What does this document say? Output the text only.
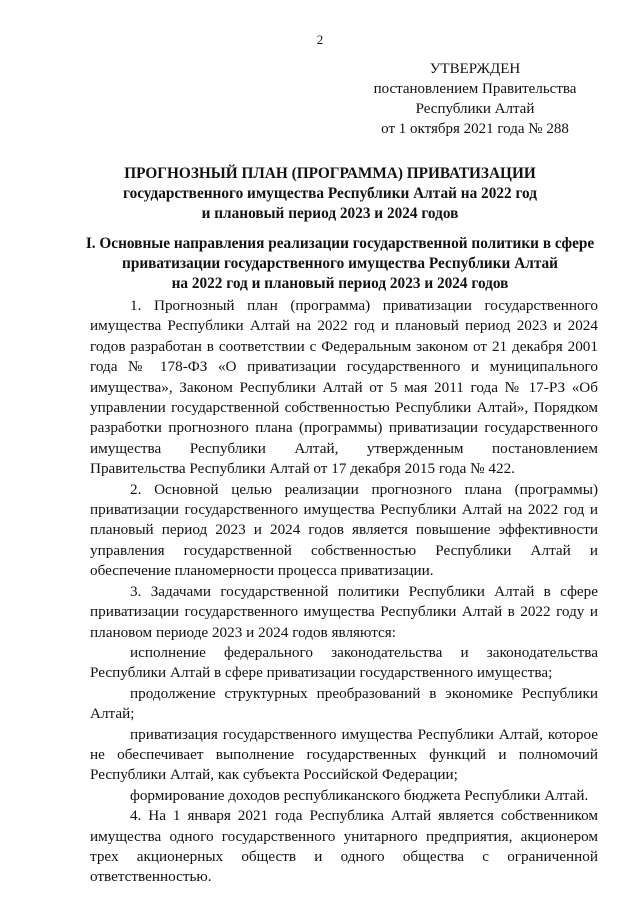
2
УТВЕРЖДЕН
постановлением Правительства
Республики Алтай
от 1 октября 2021 года № 288
ПРОГНОЗНЫЙ ПЛАН (ПРОГРАММА) ПРИВАТИЗАЦИИ
государственного имущества Республики Алтай на 2022 год
и плановый период 2023 и 2024 годов
I. Основные направления реализации государственной политики в сфере
приватизации государственного имущества Республики Алтай
на 2022 год и плановый период 2023 и 2024 годов

1. Прогнозный план (программа) приватизации государственного имущества Республики Алтай на 2022 год и плановый период 2023 и 2024 годов разработан в соответствии с Федеральным законом от 21 декабря 2001 года № 178-ФЗ «О приватизации государственного и муниципального имущества», Законом Республики Алтай от 5 мая 2011 года № 17-РЗ «Об управлении государственной собственностью Республики Алтай», Порядком разработки прогнозного плана (программы) приватизации государственного имущества Республики Алтай, утвержденным постановлением Правительства Республики Алтай от 17 декабря 2015 года № 422.

2. Основной целью реализации прогнозного плана (программы) приватизации государственного имущества Республики Алтай на 2022 год и плановый период 2023 и 2024 годов является повышение эффективности управления государственной собственностью Республики Алтай и обеспечение планомерности процесса приватизации.

3. Задачами государственной политики Республики Алтай в сфере приватизации государственного имущества Республики Алтай в 2022 году и плановом периоде 2023 и 2024 годов являются:

исполнение федерального законодательства и законодательства Республики Алтай в сфере приватизации государственного имущества;

продолжение структурных преобразований в экономике Республики Алтай;

приватизация государственного имущества Республики Алтай, которое не обеспечивает выполнение государственных функций и полномочий Республики Алтай, как субъекта Российской Федерации;

формирование доходов республиканского бюджета Республики Алтай.

4. На 1 января 2021 года Республика Алтай является собственником имущества одного государственного унитарного предприятия, акционером трех акционерных обществ и одного общества с ограниченной ответственностью.
